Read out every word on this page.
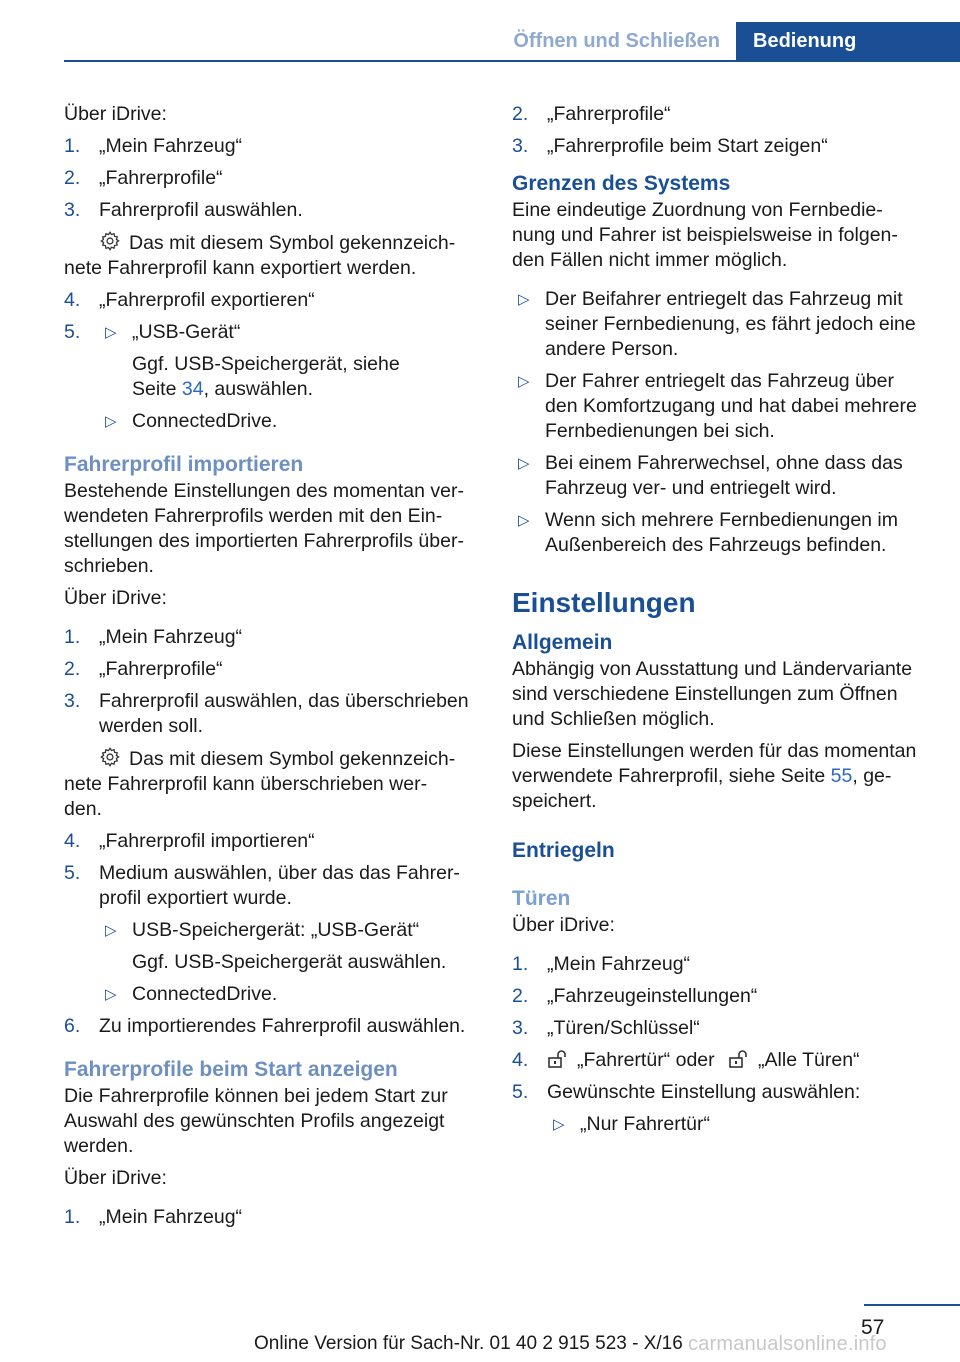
Öffnen und Schließen	Bedienung
Über iDrive:
1. „Mein Fahrzeug“
2. „Fahrerprofile“
3. Fahrerprofil auswählen.
Das mit diesem Symbol gekennzeich-
nete Fahrerprofil kann exportiert werden.
4. „Fahrerprofil exportieren“
5. ▷ „USB-Gerät“
Ggf. USB-Speichergerät, siehe
Seite 34, auswählen.
▷ ConnectedDrive.
Fahrerprofil importieren
Bestehende Einstellungen des momentan ver-
wendeten Fahrerprofils werden mit den Ein-
stellungen des importierten Fahrerprofils über-
schrieben.
Über iDrive:
1. „Mein Fahrzeug“
2. „Fahrerprofile“
3. Fahrerprofil auswählen, das überschrieben
werden soll.
Das mit diesem Symbol gekennzeich-
nete Fahrerprofil kann überschrieben wer-
den.
4. „Fahrerprofil importieren“
5. Medium auswählen, über das das Fahrer-
profil exportiert wurde.
▷ USB-Speichergerät: „USB-Gerät“
Ggf. USB-Speichergerät auswählen.
▷ ConnectedDrive.
6. Zu importierendes Fahrerprofil auswählen.
Fahrerprofile beim Start anzeigen
Die Fahrerprofile können bei jedem Start zur
Auswahl des gewünschten Profils angezeigt
werden.
Über iDrive:
1. „Mein Fahrzeug“
2. „Fahrerprofile“
3. „Fahrerprofile beim Start zeigen“
Grenzen des Systems
Eine eindeutige Zuordnung von Fernbedie-
nung und Fahrer ist beispielsweise in folgen-
den Fällen nicht immer möglich.
▷ Der Beifahrer entriegelt das Fahrzeug mit
seiner Fernbedienung, es fährt jedoch eine
andere Person.
▷ Der Fahrer entriegelt das Fahrzeug über
den Komfortzugang und hat dabei mehrere
Fernbedienungen bei sich.
▷ Bei einem Fahrerwechsel, ohne dass das
Fahrzeug ver- und entriegelt wird.
▷ Wenn sich mehrere Fernbedienungen im
Außenbereich des Fahrzeugs befinden.
Einstellungen
Allgemein
Abhängig von Ausstattung und Ländervariante
sind verschiedene Einstellungen zum Öffnen
und Schließen möglich.
Diese Einstellungen werden für das momentan
verwendete Fahrerprofil, siehe Seite 55, ge-
speichert.
Entriegeln
Türen
Über iDrive:
1. „Mein Fahrzeug“
2. „Fahrzeugeinstellungen“
3. „Türen/Schlüssel“
4. „Fahrertür“ oder „Alle Türen“
5. Gewünschte Einstellung auswählen:
▷ „Nur Fahrertür“
57
Online Version für Sach-Nr. 01 40 2 915 523 - X/16 carmanualsonline.info
